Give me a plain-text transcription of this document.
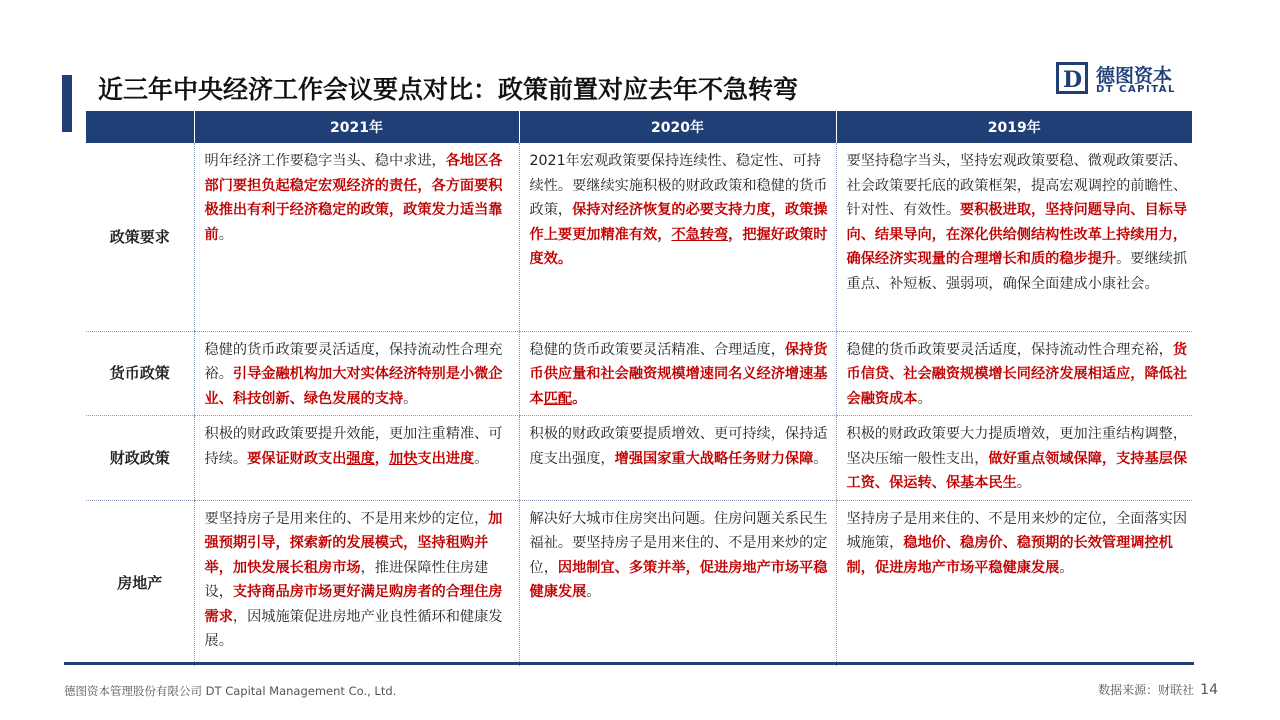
近三年中央经济工作会议要点对比：政策前置对应去年不急转弯	D 德图资本
DT CAPITAL
	2021年	2020年	2019年
政策要求	明年经济工作要稳字当头、稳中求进，各地区各部门要担负起稳定宏观经济的责任，各方面要积极推出有利于经济稳定的政策，政策发力适当靠前。	2021年宏观政策要保持连续性、稳定性、可持续性。要继续实施积极的财政政策和稳健的货币政策，保持对经济恢复的必要支持力度，政策操作上要更加精准有效，不急转弯，把握好政策时度效。	要坚持稳字当头，坚持宏观政策要稳、微观政策要活、社会政策要托底的政策框架，提高宏观调控的前瞻性、针对性、有效性。要积极进取，坚持问题导向、目标导向、结果导向，在深化供给侧结构性改革上持续用力，确保经济实现量的合理增长和质的稳步提升。要继续抓重点、补短板、强弱项，确保全面建成小康社会。
货币政策	稳健的货币政策要灵活适度，保持流动性合理充裕。引导金融机构加大对实体经济特别是小微企业、科技创新、绿色发展的支持。	稳健的货币政策要灵活精准、合理适度，保持货币供应量和社会融资规模增速同名义经济增速基本匹配。	稳健的货币政策要灵活适度，保持流动性合理充裕，货币信贷、社会融资规模增长同经济发展相适应，降低社会融资成本。
财政政策	积极的财政政策要提升效能，更加注重精准、可持续。要保证财政支出强度，加快支出进度。	积极的财政政策要提质增效、更可持续，保持适度支出强度，增强国家重大战略任务财力保障。	积极的财政政策要大力提质增效，更加注重结构调整，坚决压缩一般性支出，做好重点领域保障，支持基层保工资、保运转、保基本民生。
房地产	要坚持房子是用来住的、不是用来炒的定位，加强预期引导，探索新的发展模式，坚持租购并举，加快发展长租房市场，推进保障性住房建设，支持商品房市场更好满足购房者的合理住房需求，因城施策促进房地产业良性循环和健康发展。	解决好大城市住房突出问题。住房问题关系民生福祉。要坚持房子是用来住的、不是用来炒的定位，因地制宜、多策并举，促进房地产市场平稳健康发展。	坚持房子是用来住的、不是用来炒的定位，全面落实因城施策，稳地价、稳房价、稳预期的长效管理调控机制，促进房地产市场平稳健康发展。
德图资本管理股份有限公司 DT Capital Management Co., Ltd.	数据来源：财联社 14
